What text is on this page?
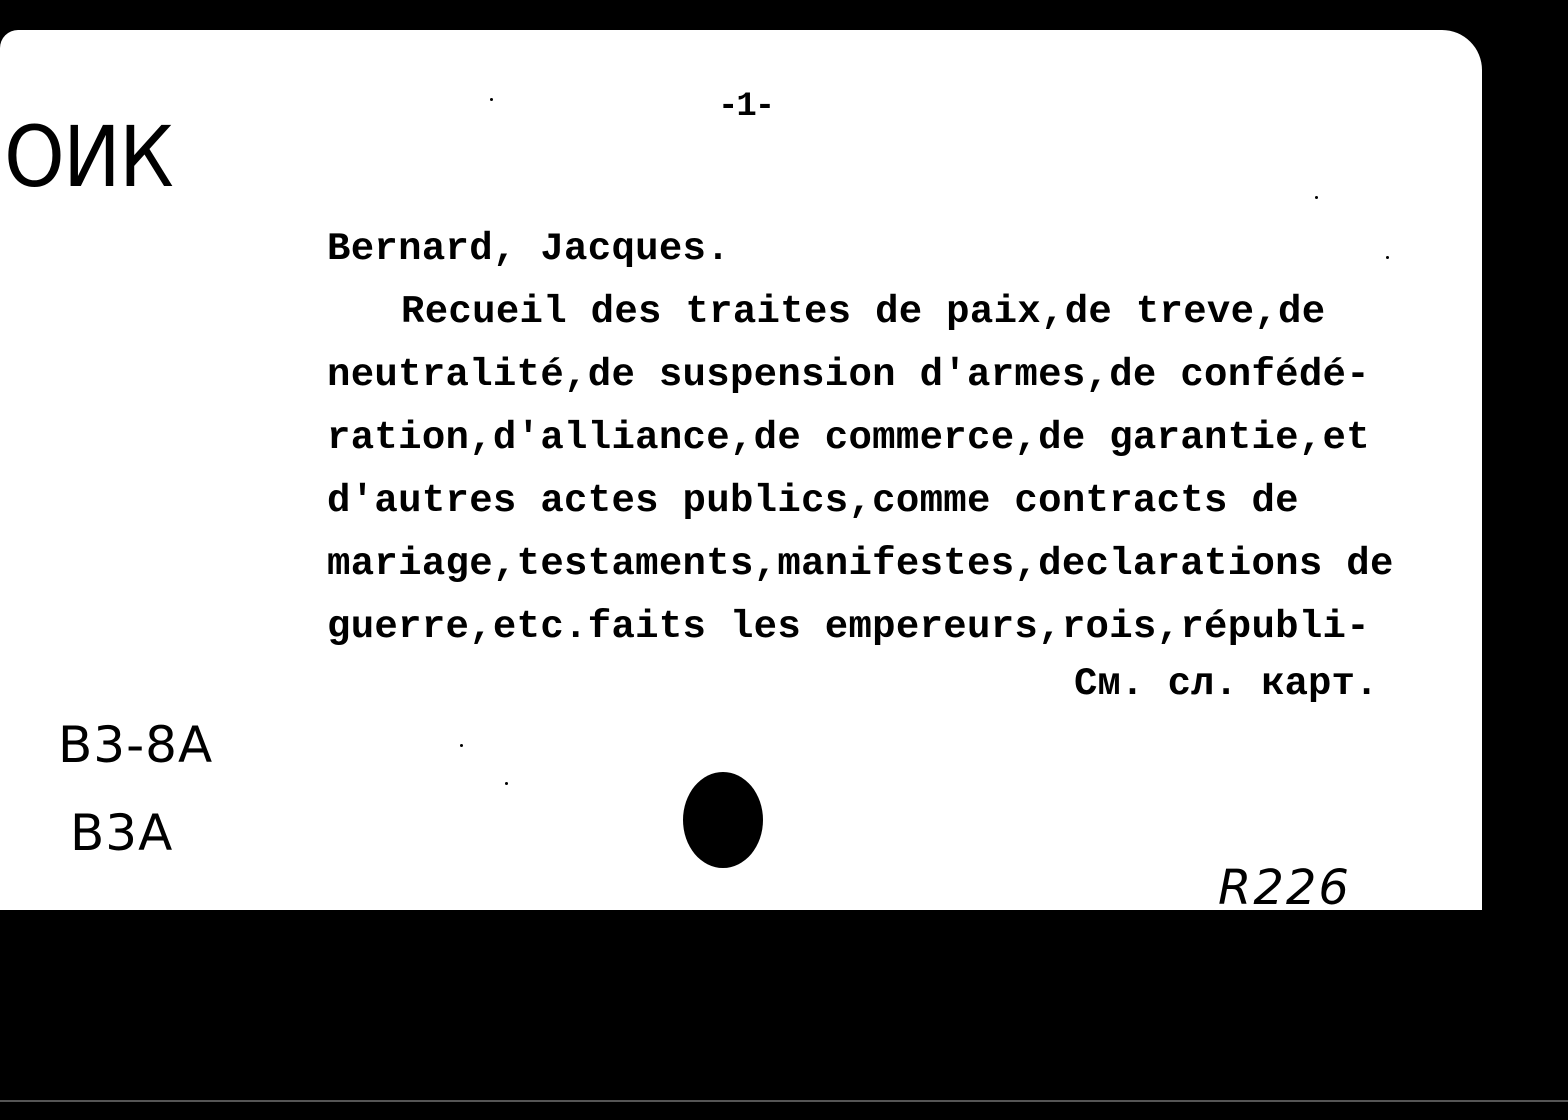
-1-
ОИК
Bernard, Jacques.
Recueil des traites de paix,de treve,de
neutralité,de suspension d'armes,de confédé-
ration,d'alliance,de commerce,de garantie,et
d'autres actes publics,comme contracts de
mariage,testaments,manifestes,declarations de
guerre,etc.faits les empereurs,rois,républi-
См. сл. карт.
B3-8A
B3A
R226
